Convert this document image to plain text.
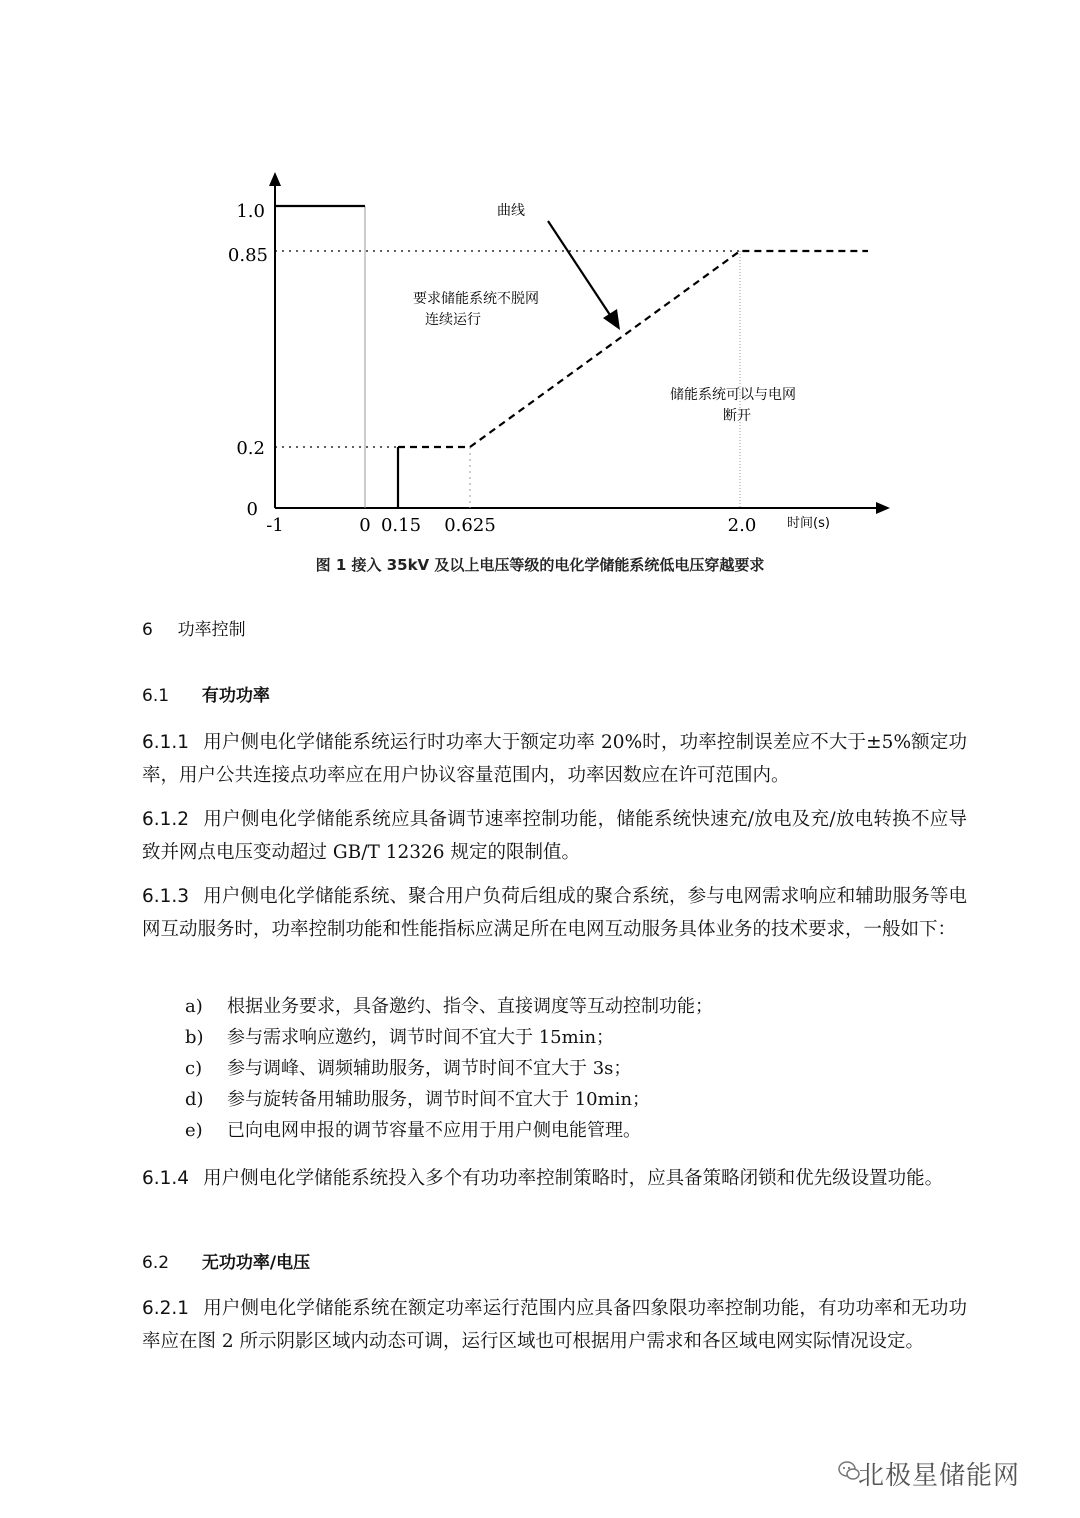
1.0
0.85
0.2
0
-1	0 0.15 0.625	2.0 时间(s)
曲线
要求储能系统不脱网
连续运行
储能系统可以与电网
断开
图 1 接入 35kV 及以上电压等级的电化学储能系统低电压穿越要求
6 功率控制
6.1 有功功率
6.1.1 用户侧电化学储能系统运行时功率大于额定功率 20%时，功率控制误差应不大于±5%额定功率，用户公共连接点功率应在用户协议容量范围内，功率因数应在许可范围内。
6.1.2 用户侧电化学储能系统应具备调节速率控制功能，储能系统快速充/放电及充/放电转换不应导致并网点电压变动超过 GB/T 12326 规定的限制值。
6.1.3 用户侧电化学储能系统、聚合用户负荷后组成的聚合系统，参与电网需求响应和辅助服务等电网互动服务时，功率控制功能和性能指标应满足所在电网互动服务具体业务的技术要求，一般如下：
a)	根据业务要求，具备邀约、指令、直接调度等互动控制功能；
b)	参与需求响应邀约，调节时间不宜大于 15min；
c)	参与调峰、调频辅助服务，调节时间不宜大于 3s；
d)	参与旋转备用辅助服务，调节时间不宜大于 10min；
e)	已向电网申报的调节容量不应用于用户侧电能管理。
6.1.4 用户侧电化学储能系统投入多个有功功率控制策略时，应具备策略闭锁和优先级设置功能。
6.2 无功功率/电压
6.2.1 用户侧电化学储能系统在额定功率运行范围内应具备四象限功率控制功能，有功功率和无功功率应在图 2 所示阴影区域内动态可调，运行区域也可根据用户需求和各区域电网实际情况设定。
北极星储能网
